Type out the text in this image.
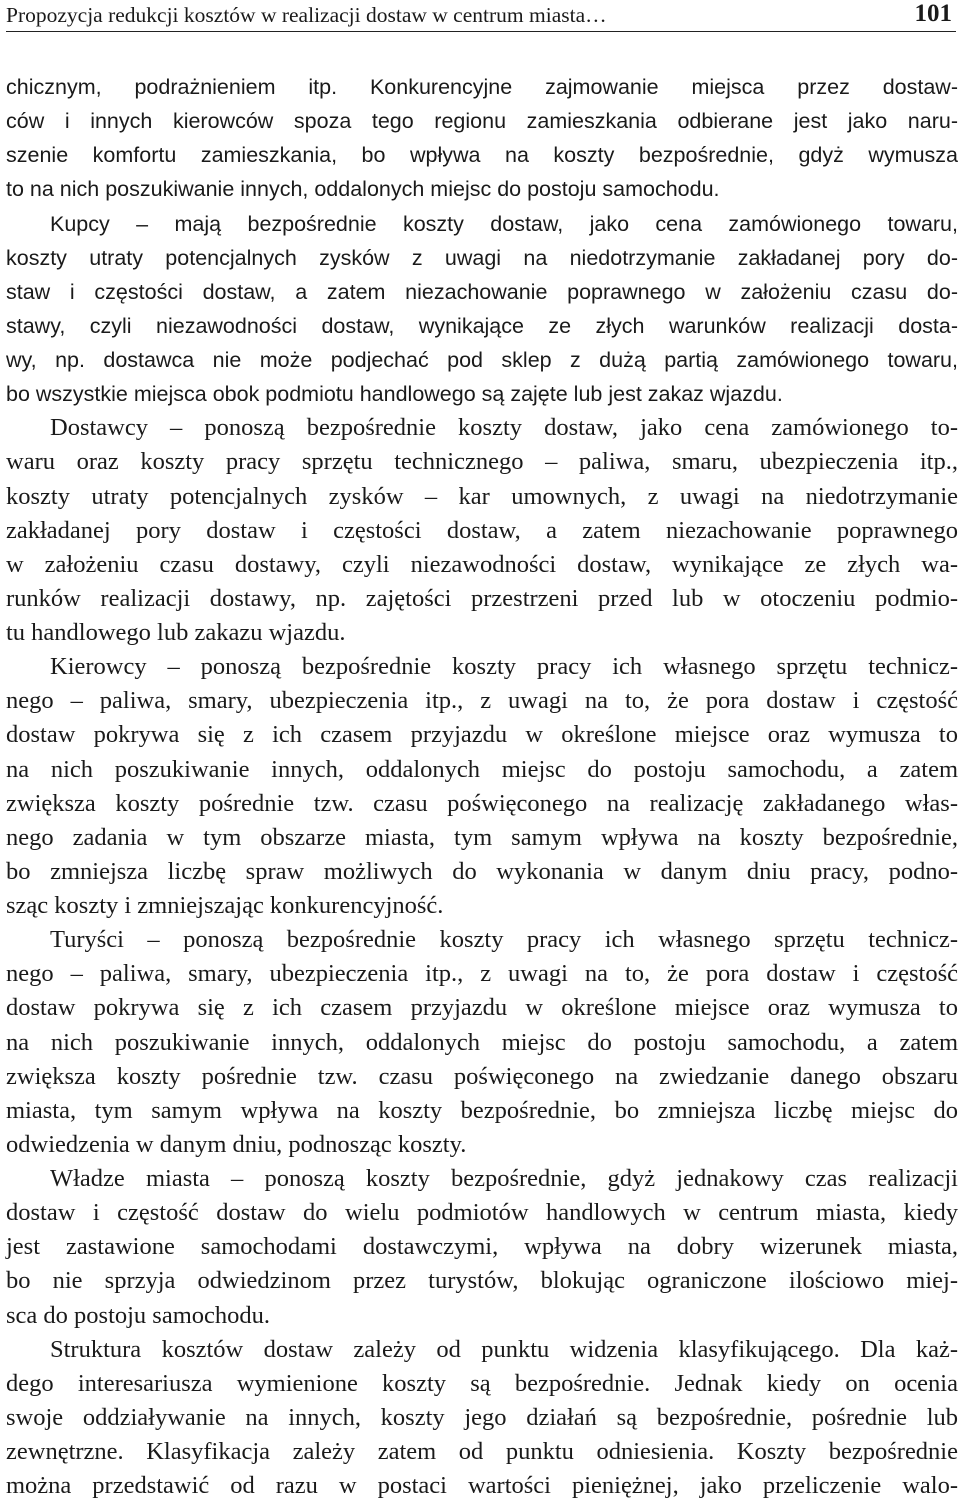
Propozycja redukcji kosztów w realizacji dostaw w centrum miasta…	101
chicznym, podrażnieniem itp. Konkurencyjne zajmowanie miejsca przez dostaw-
ców i innych kierowców spoza tego regionu zamieszkania odbierane jest jako naru-
szenie komfortu zamieszkania, bo wpływa na koszty bezpośrednie, gdyż wymusza
to na nich poszukiwanie innych, oddalonych miejsc do postoju samochodu.
Kupcy – mają bezpośrednie koszty dostaw, jako cena zamówionego towaru,
koszty utraty potencjalnych zysków z uwagi na niedotrzymanie zakładanej pory do-
staw i częstości dostaw, a zatem niezachowanie poprawnego w założeniu czasu do-
stawy, czyli niezawodności dostaw, wynikające ze złych warunków realizacji dosta-
wy, np. dostawca nie może podjechać pod sklep z dużą partią zamówionego towaru,
bo wszystkie miejsca obok podmiotu handlowego są zajęte lub jest zakaz wjazdu.
Dostawcy – ponoszą bezpośrednie koszty dostaw, jako cena zamówionego to-
waru oraz koszty pracy sprzętu technicznego – paliwa, smaru, ubezpieczenia itp.,
koszty utraty potencjalnych zysków – kar umownych, z uwagi na niedotrzymanie
zakładanej pory dostaw i częstości dostaw, a zatem niezachowanie poprawnego
w założeniu czasu dostawy, czyli niezawodności dostaw, wynikające ze złych wa-
runków realizacji dostawy, np. zajętości przestrzeni przed lub w otoczeniu podmio-
tu handlowego lub zakazu wjazdu.
Kierowcy – ponoszą bezpośrednie koszty pracy ich własnego sprzętu technicz-
nego – paliwa, smary, ubezpieczenia itp., z uwagi na to, że pora dostaw i częstość
dostaw pokrywa się z ich czasem przyjazdu w określone miejsce oraz wymusza to
na nich poszukiwanie innych, oddalonych miejsc do postoju samochodu, a zatem
zwiększa koszty pośrednie tzw. czasu poświęconego na realizację zakładanego włas-
nego zadania w tym obszarze miasta, tym samym wpływa na koszty bezpośrednie,
bo zmniejsza liczbę spraw możliwych do wykonania w danym dniu pracy, podno-
sząc koszty i zmniejszając konkurencyjność.
Turyści – ponoszą bezpośrednie koszty pracy ich własnego sprzętu technicz-
nego – paliwa, smary, ubezpieczenia itp., z uwagi na to, że pora dostaw i częstość
dostaw pokrywa się z ich czasem przyjazdu w określone miejsce oraz wymusza to
na nich poszukiwanie innych, oddalonych miejsc do postoju samochodu, a zatem
zwiększa koszty pośrednie tzw. czasu poświęconego na zwiedzanie danego obszaru
miasta, tym samym wpływa na koszty bezpośrednie, bo zmniejsza liczbę miejsc do
odwiedzenia w danym dniu, podnosząc koszty.
Władze miasta – ponoszą koszty bezpośrednie, gdyż jednakowy czas realizacji
dostaw i częstość dostaw do wielu podmiotów handlowych w centrum miasta, kiedy
jest zastawione samochodami dostawczymi, wpływa na dobry wizerunek miasta,
bo nie sprzyja odwiedzinom przez turystów, blokując ograniczone ilościowo miej-
sca do postoju samochodu.
Struktura kosztów dostaw zależy od punktu widzenia klasyfikującego. Dla każ-
dego interesariusza wymienione koszty są bezpośrednie. Jednak kiedy on ocenia
swoje oddziaływanie na innych, koszty jego działań są bezpośrednie, pośrednie lub
zewnętrzne. Klasyfikacja zależy zatem od punktu odniesienia. Koszty bezpośrednie
można przedstawić od razu w postaci wartości pieniężnej, jako przeliczenie walo-
